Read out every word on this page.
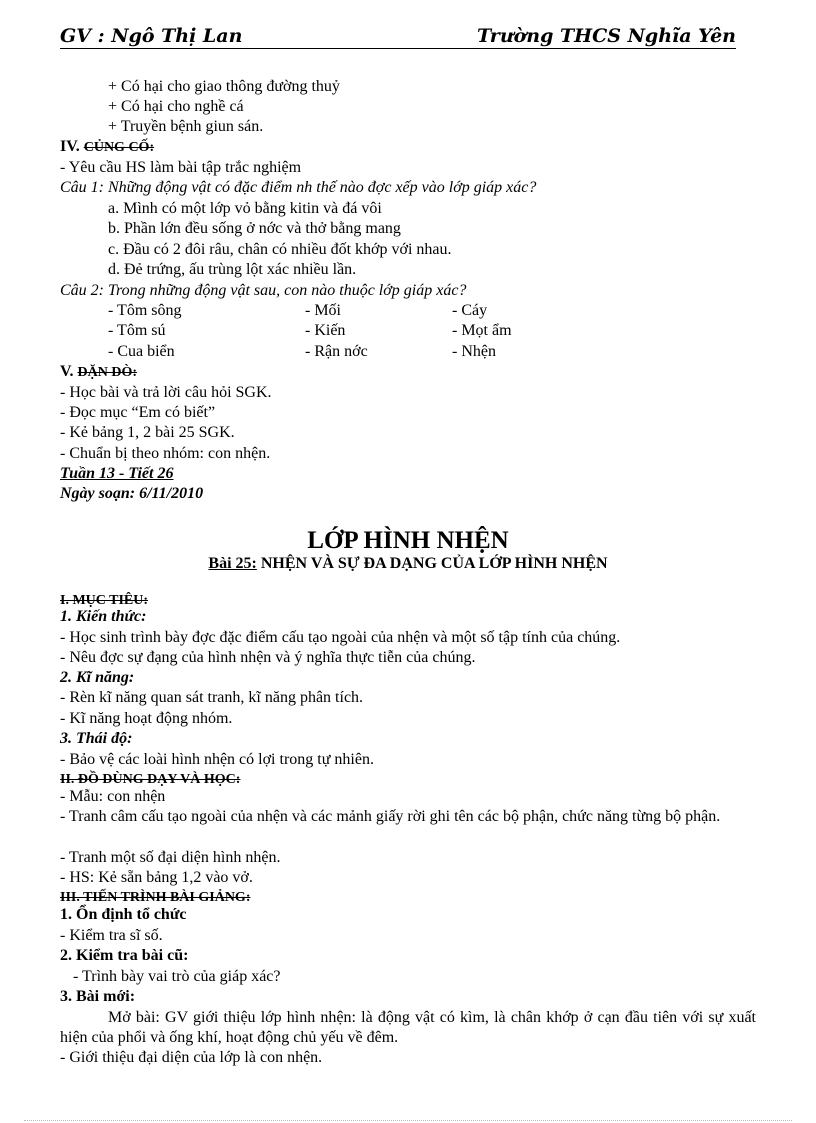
GV : Ngô Thị Lan	Trường THCS Nghĩa Yên
+ Có hại cho giao thông đường thuỷ
+ Có hại cho nghề cá
+ Truyền bệnh giun sán.
IV. CỦNG CỐ:
- Yêu cầu HS làm bài tập trắc nghiệm
Câu 1: Những động vật có đặc điểm nh thế nào đợc xếp vào lớp giáp xác?
a. Mình có một lớp vỏ bằng kitin và đá vôi
b. Phần lớn đều sống ở nớc và thở bằng mang
c. Đầu có 2 đôi râu, chân có nhiều đốt khớp với nhau.
d. Đẻ trứng, ấu trùng lột xác nhiều lần.
Câu 2: Trong những động vật sau, con nào thuộc lớp giáp xác?
- Tôm sông	- Mối	- Cáy
- Tôm sú	- Kiến	- Mọt ẩm
- Cua biển	- Rận nớc	- Nhện
V. DẶN DÒ:
- Học bài và trả lời câu hỏi SGK.
- Đọc mục “Em có biết”
- Kẻ bảng 1, 2 bài 25 SGK.
- Chuẩn bị theo nhóm: con nhện.
Tuần 13 - Tiết 26
Ngày soạn: 6/11/2010
LỚP HÌNH NHỆN
Bài 25: NHỆN VÀ SỰ ĐA DẠNG CỦA LỚP HÌNH NHỆN
I. MỤC TIÊU:
1. Kiến thức:
- Học sinh trình bày đợc đặc điểm cấu tạo ngoài của nhện và một số tập tính của chúng.
- Nêu đợc sự đạng của hình nhện và ý nghĩa thực tiễn của chúng.
2. Kĩ năng:
- Rèn kĩ năng quan sát tranh, kĩ năng phân tích.
- Kĩ năng hoạt động nhóm.
3. Thái độ:
- Bảo vệ các loài hình nhện có lợi trong tự nhiên.
II. ĐỒ DÙNG DẠY VÀ HỌC:
- Mẫu: con nhện
- Tranh câm cấu tạo ngoài của nhện và các mảnh giấy rời ghi tên các bộ phận, chức năng từng bộ phận.
- Tranh một số đại diện hình nhện.
- HS: Kẻ sẵn bảng 1,2 vào vở.
III. TIẾN TRÌNH BÀI GIẢNG:
1. Ổn định tổ chức
- Kiểm tra sĩ số.
2. Kiểm tra bài cũ:
- Trình bày vai trò của giáp xác?
3. Bài mới:
Mở bài: GV giới thiệu lớp hình nhện: là động vật có kìm, là chân khớp ở cạn đầu tiên với sự xuất hiện của phổi và ống khí, hoạt động chủ yếu về đêm.
- Giới thiệu đại diện của lớp là con nhện.
